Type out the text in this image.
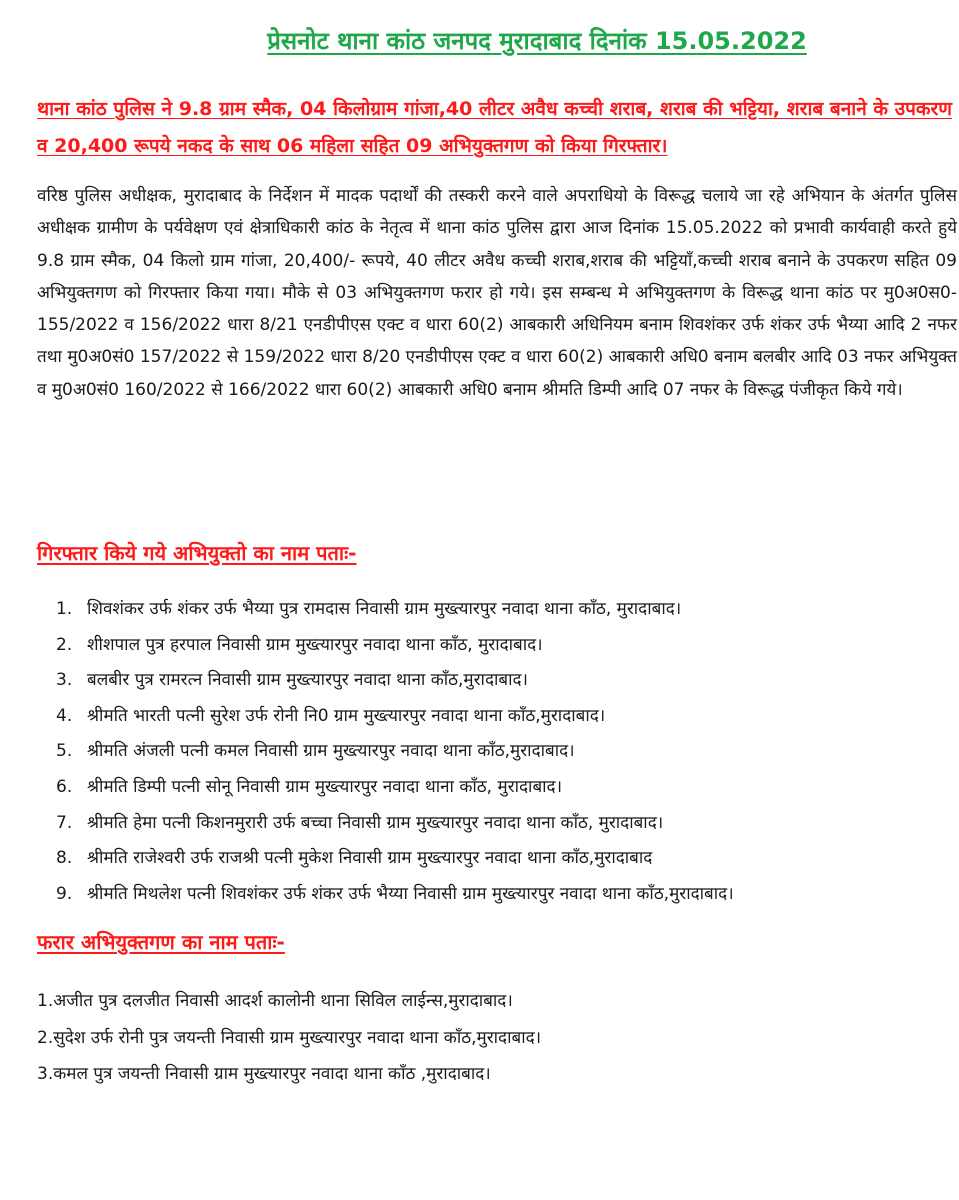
प्रेसनोट थाना कांठ जनपद मुरादाबाद दिनांक 15.05.2022
थाना कांठ पुलिस ने 9.8 ग्राम स्मैक, 04 किलोग्राम गांजा,40 लीटर अवैध कच्ची शराब, शराब की भट्टिया, शराब बनाने के उपकरण व 20,400 रूपये नकद के साथ 06 महिला सहित 09 अभियुक्तगण को किया गिरफ्तार।
वरिष्ठ पुलिस अधीक्षक, मुरादाबाद के निर्देशन में मादक पदार्थों की तस्करी करने वाले अपराधियो के विरूद्ध चलाये जा रहे अभियान के अंतर्गत पुलिस अधीक्षक ग्रामीण के पर्यवेक्षण एवं क्षेत्राधिकारी कांठ के नेतृत्व में थाना कांठ पुलिस द्वारा आज दिनांक 15.05.2022 को प्रभावी कार्यवाही करते हुये 9.8 ग्राम स्मैक, 04 किलो ग्राम गांजा, 20,400/- रूपये, 40 लीटर अवैध कच्ची शराब,शराब की भट्टियाँ,कच्ची शराब बनाने के उपकरण सहित 09 अभियुक्तगण को गिरफ्तार किया गया। मौके से 03 अभियुक्तगण फरार हो गये। इस सम्बन्ध मे अभियुक्तगण के विरूद्ध थाना कांठ पर मु0अ0स0- 155/2022 व 156/2022 धारा 8/21 एनडीपीएस एक्ट व धारा 60(2) आबकारी अधिनियम बनाम शिवशंकर उर्फ शंकर उर्फ भैय्या आदि 2 नफर तथा मु0अ0सं0 157/2022 से 159/2022 धारा 8/20 एनडीपीएस एक्ट व धारा 60(2) आबकारी अधि0 बनाम बलबीर आदि 03 नफर अभियुक्त व मु0अ0सं0 160/2022 से 166/2022 धारा 60(2) आबकारी अधि0 बनाम श्रीमति डिम्पी आदि 07 नफर के विरूद्ध पंजीकृत किये गये।
गिरफ्तार किये गये अभियुक्तो का नाम पताः-
1. शिवशंकर उर्फ शंकर उर्फ भैय्या पुत्र रामदास निवासी ग्राम मुख्त्यारपुर नवादा थाना काँठ, मुरादाबाद।
2. शीशपाल पुत्र हरपाल निवासी ग्राम मुख्त्यारपुर नवादा थाना काँठ, मुरादाबाद।
3. बलबीर पुत्र रामरत्न निवासी ग्राम मुख्त्यारपुर नवादा थाना काँठ,मुरादाबाद।
4. श्रीमति भारती पत्नी सुरेश उर्फ रोनी नि0 ग्राम मुख्त्यारपुर नवादा थाना काँठ,मुरादाबाद।
5. श्रीमति अंजली पत्नी कमल निवासी ग्राम मुख्त्यारपुर नवादा थाना काँठ,मुरादाबाद।
6. श्रीमति डिम्पी पत्नी सोनू निवासी ग्राम मुख्त्यारपुर नवादा थाना काँठ, मुरादाबाद।
7. श्रीमति हेमा पत्नी किशनमुरारी उर्फ बच्चा निवासी ग्राम मुख्त्यारपुर नवादा थाना काँठ, मुरादाबाद।
8. श्रीमति राजेश्वरी उर्फ राजश्री पत्नी मुकेश निवासी ग्राम मुख्त्यारपुर नवादा थाना काँठ,मुरादाबाद
9. श्रीमति मिथलेश पत्नी शिवशंकर उर्फ शंकर उर्फ भैय्या निवासी ग्राम मुख्त्यारपुर नवादा थाना काँठ,मुरादाबाद।
फरार अभियुक्तगण का नाम पताः-
1.अजीत पुत्र दलजीत निवासी आदर्श कालोनी थाना सिविल लाईन्स,मुरादाबाद।
2.सुदेश उर्फ रोनी पुत्र जयन्ती निवासी ग्राम मुख्त्यारपुर नवादा थाना काँठ,मुरादाबाद।
3.कमल पुत्र जयन्ती निवासी ग्राम मुख्त्यारपुर नवादा थाना काँठ ,मुरादाबाद।
